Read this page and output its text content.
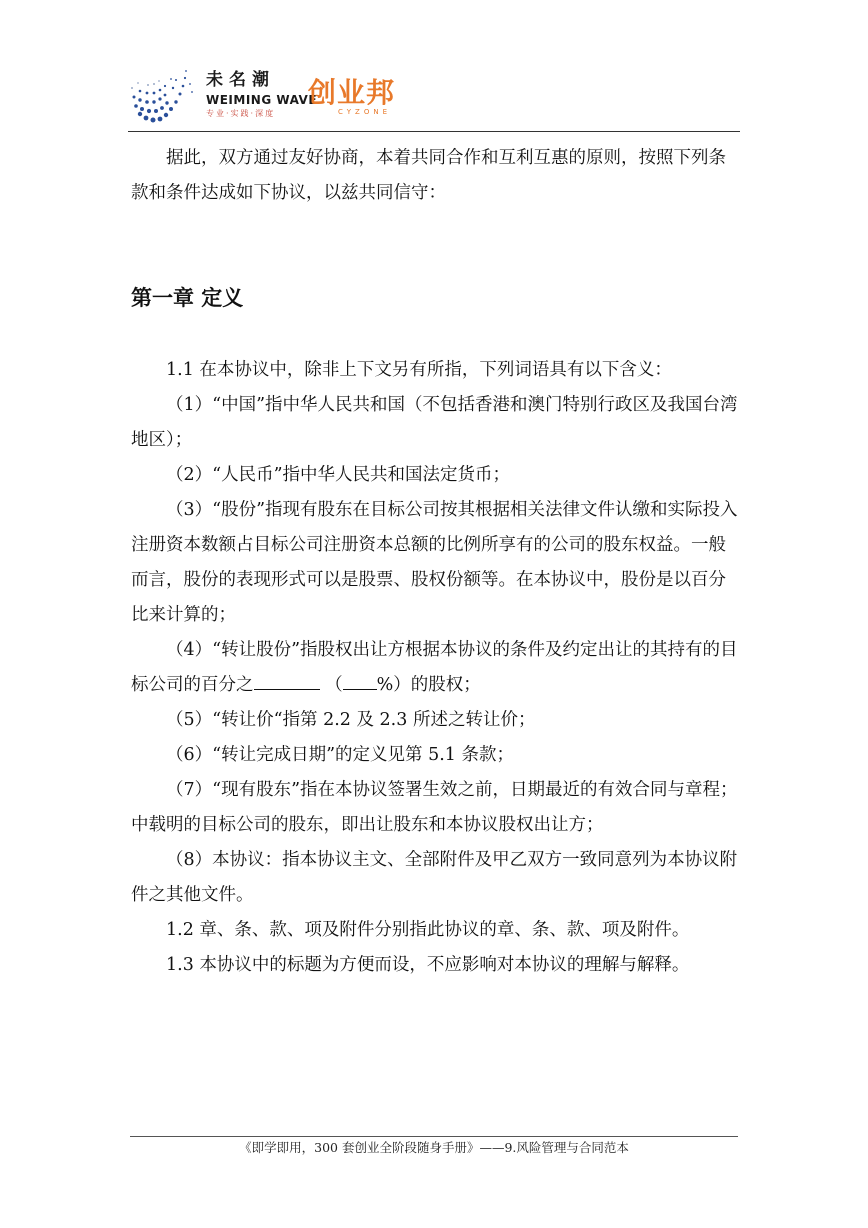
未名潮
WEIMING WAVE
专业·实践·深度
创业邦
CYZONE

据此，双方通过友好协商，本着共同合作和互利互惠的原则，按照下列条款和条件达成如下协议，以兹共同信守：

第一章 定义

1.1 在本协议中，除非上下文另有所指，下列词语具有以下含义：

（1）“中国”指中华人民共和国（不包括香港和澳门特别行政区及我国台湾地区）；

（2）“人民币”指中华人民共和国法定货币；

（3）“股份”指现有股东在目标公司按其根据相关法律文件认缴和实际投入注册资本数额占目标公司注册资本总额的比例所享有的公司的股东权益。一般而言，股份的表现形式可以是股票、股权份额等。在本协议中，股份是以百分比来计算的；

（4）“转让股份”指股权出让方根据本协议的条件及约定出让的其持有的目标公司的百分之	（ %）的股权；

（5）“转让价“指第 2.2 及 2.3 所述之转让价；

（6）“转让完成日期”的定义见第 5.1 条款；

（7）“现有股东”指在本协议签署生效之前，日期最近的有效合同与章程；中载明的目标公司的股东，即出让股东和本协议股权出让方；

（8）本协议：指本协议主文、全部附件及甲乙双方一致同意列为本协议附件之其他文件。

1.2 章、条、款、项及附件分别指此协议的章、条、款、项及附件。

1.3 本协议中的标题为方便而设，不应影响对本协议的理解与解释。

《即学即用，300 套创业全阶段随身手册》——9.风险管理与合同范本
